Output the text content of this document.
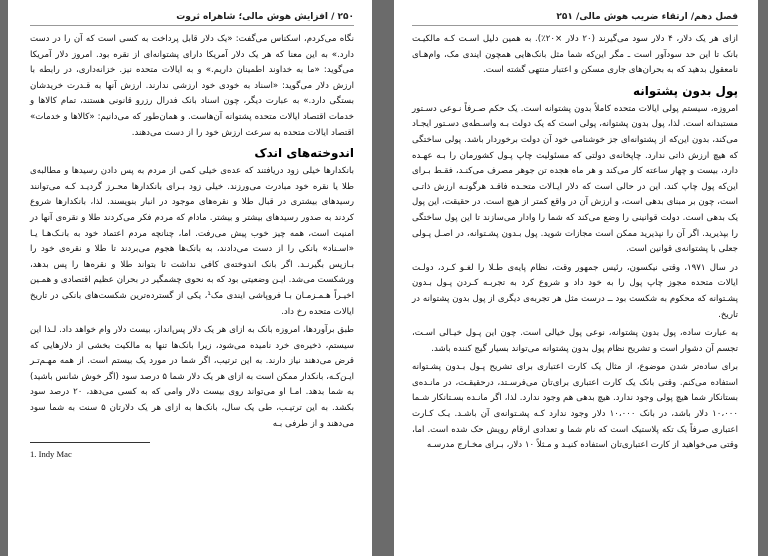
۲۵۰ / افزایش هوش مالی؛ شاهراه ثروت

نگاه می‌کردم، اسکناس می‌گفت: «یک دلار قابل پرداخت به کسی است که آن را در دست دارد.» به این معنا که هر یک دلار آمریکا دارای پشتوانه‌ای از نقره بود. امروز دلار آمریکا می‌گوید: «ما به خداوند اطمینان داریم.» و به ایالات متحده نیز. خزانه‌داری، در رابطه با ارزش دلار می‌گوید: «اسناد به خودی خود ارزشی ندارند. ارزش آنها به قـدرت خریدشان بستگی دارد.» به عبارت دیگر، چون اسناد بانک فدرال رزرو قانونی هستند، تمام کالاها و خدمات اقتصاد ایالات متحده پشتوانه آن‌هاست. و همان‌طور که می‌دانیم: «کالاها و خدمات» اقتصاد ایالات متحده به سرعت ارزش خود را از دست می‌دهند.

اندوخته‌های اندک

بانکدارها خیلی زود دریافتند که عده‌ی خیلی کمی از مردم به پس دادن رسیدها و مطالبه‌ی طلا یا نقره خود مبادرت می‌ورزند. خیلی زود بـرای بانکدارها محـرز گردیـد کـه می‌توانند رسیدهای بیشتری در قبال طلا و نقره‌های موجود در انبار بنویسند. لذا، بانکدارها شروع کردند به صدور رسیدهای بیشتر و بیشتر. مادام که مردم فکر می‌کردند طلا و نقره‌ی آنها در امنیت است، همه چیز خوب پیش می‌رفت. اما، چنانچه مردم اعتماد خود به بانـک‌هـا یـا «اسـناد» بانکی را از دست می‌دادند، به بانک‌ها هجوم می‌بردند تا طلا و نقره‌ی خود را بـازپس بگیرنـد. اگر بانک اندوخته‌ی کافی نداشت تا بتواند طلا و نقره‌ها را پس بدهد، ورشکست می‌شد. ایـن وضعیتی بود که به نحوی چشمگیر در بحران عظیم اقتصادی و همـین اخیـراً هـمـزمـان بـا فروپاشی ایندی مک¹، یکی از گسترده‌ترین شکست‌های بانکی در تاریخ ایالات متحده رخ داد.

طبق برآوردها، امروزه بانک به ازای هر یک دلار پس‌انداز، بیست دلار وام خواهد داد. لـذا این سیستم، ذخیره‌ی خرد نامیده می‌شود، زیرا بانک‌ها تنها به مالکیت بخشی از دلارهایی که قرض می‌دهند نیاز دارند. به این ترتیب، اگر شما در مورد یک بیستم است. از همه مهـم‌تـر ایـن‌کـه، بانکدار ممکن است به ازای هر یک دلار شما ۵ درصد سود (اگر خوش شانس باشید) به شما بدهد. امـا او می‌تواند روی بیست دلار وامی که به کسی می‌دهد، ۲۰ درصد سود بکشد. به این ترتیـب، طی یک سال، بانک‌ها به ازای هر یک دلارتان ۵ سنت به شما سود می‌دهند و از طرفی بـه

1. Indy Mac
فصل دهم/ ارتقاء ضریب هوش مالی/ ۲۵۱

ازای هر یک دلار، ۴ دلار سود می‌گیرند (۲۰ دلار ×۲۰٪). به همین دلیل اسـت کـه مالکیـت بانک تا این حد سودآور است ـ مگر این‌که شما مثل بانک‌هایی همچون ایندی مک، وام‌هـای نامعقول بدهید که به بحران‌های جاری مسکن و اعتبار منتهی گشته است.

پول بدون پشتوانه

امروزه، سیستم پولی ایالات متحده کاملاً بدون پشتوانه است. یک حکم صـرفاً نـوعی دسـتور مستبدانه است. لذا، پول بدون پشتوانه، پولی است که یک دولت بـه واسـطه‌ی دسـتور ایجـاد می‌کند، بدون این‌که از پشتوانه‌ای جز خوشنامی خود آن دولت برخوردار باشد. پولی ساختگی که هیچ ارزش ذاتی ندارد. چاپخانه‌ی دولتی که مسئولیت چاپ پـول کشورمان را بـه عهـده دارد، بیست و چهار ساعته کار می‌کند و هر ماه هجده تن جوهر مصرف می‌کنـد، فقـط بـرای این‌که پول چاپ کند. این در حالی است که دلار ایـالات متحـده فاقـد هرگونـه ارزش ذاتـی است، چون بر مبنای بدهی است، و ارزش آن در واقع کمتر از هیچ است. در حقیقت، این پول یک بدهی است. دولت قوانینی را وضع می‌کند که شما را وادار می‌سازند تا این پول ساختگی را بپذیرید. اگر آن را نپذیرید ممکن است مجازات شوید. پول بـدون پشـتوانه، در اصـل پـولی جعلی با پشتوانه‌ی قوانین است.

در سال ۱۹۷۱، وقتی نیکسون، رئیس جمهور وقت، نظام پایه‌ی طـلا را لغـو کـرد، دولـت ایالات متحده مجوز چاپ پول را به خود داد و شروع کرد به تجربـه کـردن پـول بـدون پشـتوانه که محکوم به شکست بود ــ درست مثل هر تجربه‌ی دیگری از پول بدون پشتوانه در تاریخ.

به عبارت ساده، پول بدون پشتوانه، نوعی پول خیالی است. چون این پـول خیـالی اسـت، تجسم آن دشوار است و تشریح نظام پول بدون پشتوانه می‌تواند بسیار گیج کننده باشد.

برای ساده‌تر شدن موضوع، از مثال یک کارت اعتباری برای تشریح پـول بـدون پشـتوانه استفاده می‌کنم. وقتی بانک یک کارت اعتباری برای‌تان می‌فرسـتد، درحقیقـت، در مانـده‌ی بستانکار شما هیچ پولی وجود ندارد. هیچ بدهی هم وجود ندارد. لذا، اگر مانـده بسـتانکار شـما ۱۰،۰۰۰ دلار باشد، در بانک ۱۰،۰۰۰ دلار وجود ندارد کـه پشـتوانه‌ی آن باشـد. یـک کـارت اعتباری صرفاً یک تکه پلاستیک است که نام شما و تعدادی ارقام رویش حک شده است. اما، وقتی می‌خواهید از کارت اعتباری‌تان استفاده کنیـد و مـثلاً ۱۰ دلار، بـرای مخـارج مدرسـه
